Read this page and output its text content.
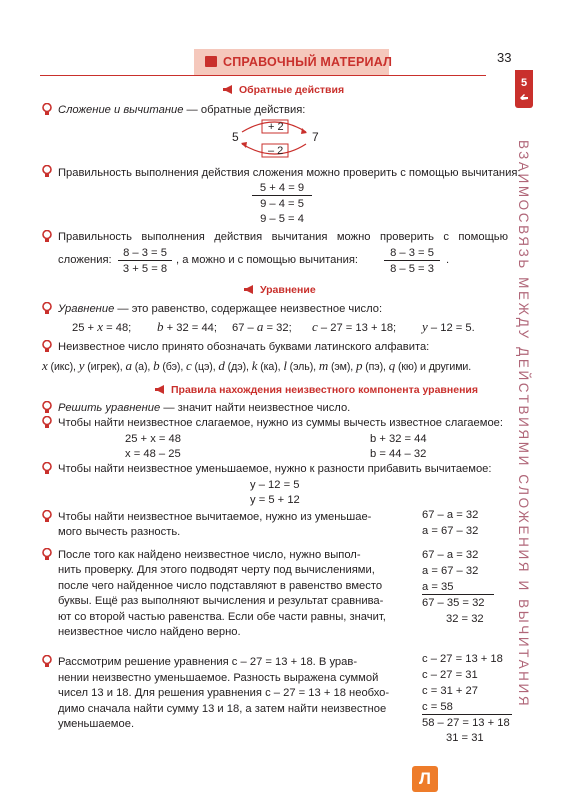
СПРАВОЧНЫЙ МАТЕРИАЛ	33
5
ВЗАИМОСВЯЗЬ МЕЖДУ ДЕЙСТВИЯМИ СЛОЖЕНИЯ И ВЫЧИТАНИЯ
Обратные действия
Сложение и вычитание — обратные действия:
5
+ 2
7
– 2
Правильность выполнения действия сложения можно проверить с помощью вычитания:
5 + 4 = 9
9 – 4 = 5
9 – 5 = 4
Правильность выполнения действия вычитания можно проверить с помощью
сложения:
8 – 3 = 5
3 + 5 = 8
, а можно и с помощью вычитания:
8 – 3 = 5
8 – 5 = 3
.
Уравнение
Уравнение — это равенство, содержащее неизвестное число:
25 + x = 48; b + 32 = 44; 67 – a = 32; c – 27 = 13 + 18; y – 12 = 5.
Неизвестное число принято обозначать буквами латинского алфавита:
x (икс), y (игрек), a (а), b (бэ), c (цэ), d (дэ), k (ка), l (эль), m (эм), p (пэ), q (кю) и другими.
Правила нахождения неизвестного компонента уравнения
Решить уравнение — значит найти неизвестное число.
Чтобы найти неизвестное слагаемое, нужно из суммы вычесть известное слагаемое:
25 + x = 48
x = 48 – 25
b + 32 = 44
b = 44 – 32
Чтобы найти неизвестное уменьшаемое, нужно к разности прибавить вычитаемое:
y – 12 = 5
y = 5 + 12
Чтобы найти неизвестное вычитаемое, нужно из уменьшае-
мого вычесть разность.
67 – a = 32
a = 67 – 32
После того как найдено неизвестное число, нужно выпол-
нить проверку. Для этого подводят черту под вычислениями,
после чего найденное число подставляют в равенство вместо
буквы. Ещё раз выполняют вычисления и результат сравнива-
ют со второй частью равенства. Если обе части равны, значит,
неизвестное число найдено верно.
67 – a = 32
a = 67 – 32
a = 35
67 – 35 = 32
32 = 32
Рассмотрим решение уравнения c – 27 = 13 + 18. В урав-
нении неизвестно уменьшаемое. Разность выражена суммой
чисел 13 и 18. Для решения уравнения c – 27 = 13 + 18 необхо-
димо сначала найти сумму 13 и 18, а затем найти неизвестное
уменьшаемое.
c – 27 = 13 + 18
c – 27 = 31
c = 31 + 27
c = 58
58 – 27 = 13 + 18
31 = 31
Л
